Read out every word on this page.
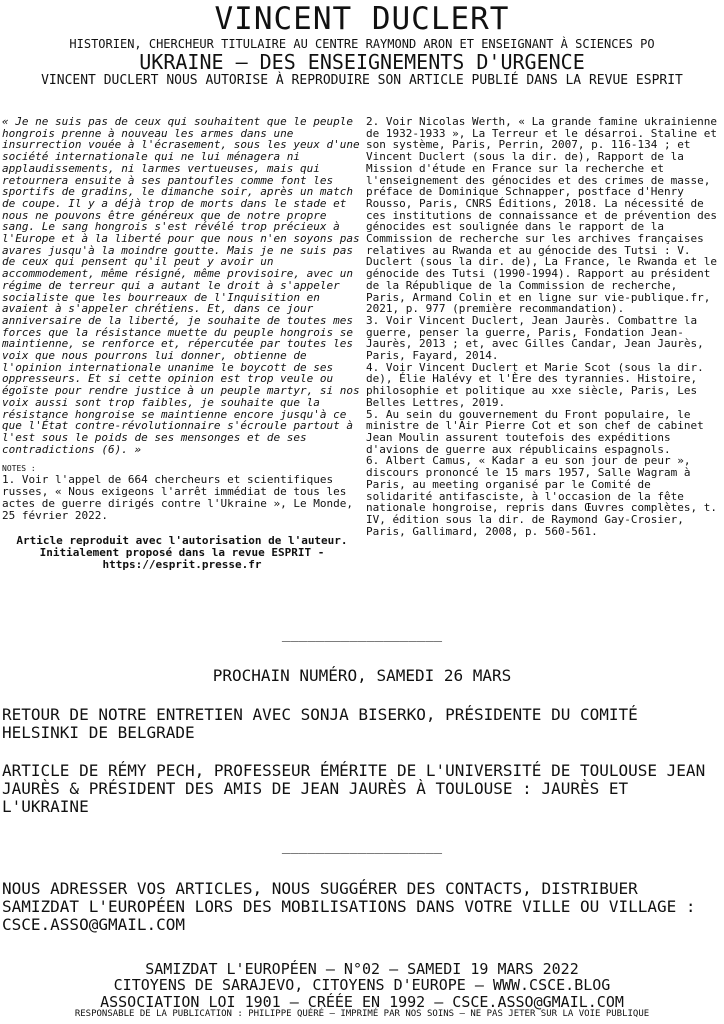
VINCENT DUCLERT
HISTORIEN, CHERCHEUR TITULAIRE AU CENTRE RAYMOND ARON ET ENSEIGNANT À SCIENCES PO
UKRAINE – DES ENSEIGNEMENTS D'URGENCE
VINCENT DUCLERT NOUS AUTORISE À REPRODUIRE SON ARTICLE PUBLIÉ DANS LA REVUE ESPRIT

« Je ne suis pas de ceux qui souhaitent que le peuple hongrois prenne à nouveau les armes dans une insurrection vouée à l'écrasement, sous les yeux d'une société internationale qui ne lui ménagera ni applaudissements, ni larmes vertueuses, mais qui retournera ensuite à ses pantoufles comme font les sportifs de gradins, le dimanche soir, après un match de coupe. Il y a déjà trop de morts dans le stade et nous ne pouvons être généreux que de notre propre sang. Le sang hongrois s'est révélé trop précieux à l'Europe et à la liberté pour que nous n'en soyons pas avares jusqu'à la moindre goutte. Mais je ne suis pas de ceux qui pensent qu'il peut y avoir un accommodement, même résigné, même provisoire, avec un régime de terreur qui a autant le droit à s'appeler socialiste que les bourreaux de l'Inquisition en avaient à s'appeler chrétiens. Et, dans ce jour anniversaire de la liberté, je souhaite de toutes mes forces que la résistance muette du peuple hongrois se maintienne, se renforce et, répercutée par toutes les voix que nous pourrons lui donner, obtienne de l'opinion internationale unanime le boycott de ses oppresseurs. Et si cette opinion est trop veule ou égoïste pour rendre justice à un peuple martyr, si nos voix aussi sont trop faibles, je souhaite que la résistance hongroise se maintienne encore jusqu'à ce que l'État contre-révolutionnaire s'écroule partout à l'est sous le poids de ses mensonges et de ses contradictions (6). »

NOTES :

1. Voir l'appel de 664 chercheurs et scientifiques russes, « Nous exigeons l'arrêt immédiat de tous les actes de guerre dirigés contre l'Ukraine », Le Monde, 25 février 2022.

Article reproduit avec l'autorisation de l'auteur. Initialement proposé dans la revue ESPRIT - https://esprit.presse.fr

2. Voir Nicolas Werth, « La grande famine ukrainienne de 1932-1933 », La Terreur et le désarroi. Staline et son système, Paris, Perrin, 2007, p. 116-134 ; et Vincent Duclert (sous la dir. de), Rapport de la Mission d'étude en France sur la recherche et l'enseignement des génocides et des crimes de masse, préface de Dominique Schnapper, postface d'Henry Rousso, Paris, CNRS Éditions, 2018. La nécessité de ces institutions de connaissance et de prévention des génocides est soulignée dans le rapport de la Commission de recherche sur les archives françaises relatives au Rwanda et au génocide des Tutsi : V. Duclert (sous la dir. de), La France, le Rwanda et le génocide des Tutsi (1990-1994). Rapport au président de la République de la Commission de recherche, Paris, Armand Colin et en ligne sur vie-publique.fr, 2021, p. 977 (première recommandation).

3. Voir Vincent Duclert, Jean Jaurès. Combattre la guerre, penser la guerre, Paris, Fondation Jean-Jaurès, 2013 ; et, avec Gilles Candar, Jean Jaurès, Paris, Fayard, 2014.

4. Voir Vincent Duclert et Marie Scot (sous la dir. de), Élie Halévy et l'Ère des tyrannies. Histoire, philosophie et politique au xxe siècle, Paris, Les Belles Lettres, 2019.

5. Au sein du gouvernement du Front populaire, le ministre de l'Air Pierre Cot et son chef de cabinet Jean Moulin assurent toutefois des expéditions d'avions de guerre aux républicains espagnols.

6. Albert Camus, « Kadar a eu son jour de peur », discours prononcé le 15 mars 1957, Salle Wagram à Paris, au meeting organisé par le Comité de solidarité antifasciste, à l'occasion de la fête nationale hongroise, repris dans Œuvres complètes, t. IV, édition sous la dir. de Raymond Gay-Crosier, Paris, Gallimard, 2008, p. 560-561.

___________________
PROCHAIN NUMÉRO, SAMEDI 26 MARS

RETOUR DE NOTRE ENTRETIEN AVEC SONJA BISERKO, PRÉSIDENTE DU COMITÉ HELSINKI DE BELGRADE

ARTICLE DE RÉMY PECH, PROFESSEUR ÉMÉRITE DE L'UNIVERSITÉ DE TOULOUSE JEAN JAURÈS & PRÉSIDENT DES AMIS DE JEAN JAURÈS À TOULOUSE : JAURÈS ET L'UKRAINE

___________________

NOUS ADRESSER VOS ARTICLES, NOUS SUGGÉRER DES CONTACTS, DISTRIBUER SAMIZDAT L'EUROPÉEN LORS DES MOBILISATIONS DANS VOTRE VILLE OU VILLAGE : CSCE.ASSO@GMAIL.COM

SAMIZDAT L'EUROPÉEN – N°02 – SAMEDI 19 MARS 2022
CITOYENS DE SARAJEVO, CITOYENS D'EUROPE – WWW.CSCE.BLOG
ASSOCIATION LOI 1901 – CRÉÉE EN 1992 – CSCE.ASSO@GMAIL.COM
RESPONSABLE DE LA PUBLICATION : PHILIPPE QUÉRÉ – IMPRIMÉ PAR NOS SOINS – NE PAS JETER SUR LA VOIE PUBLIQUE
